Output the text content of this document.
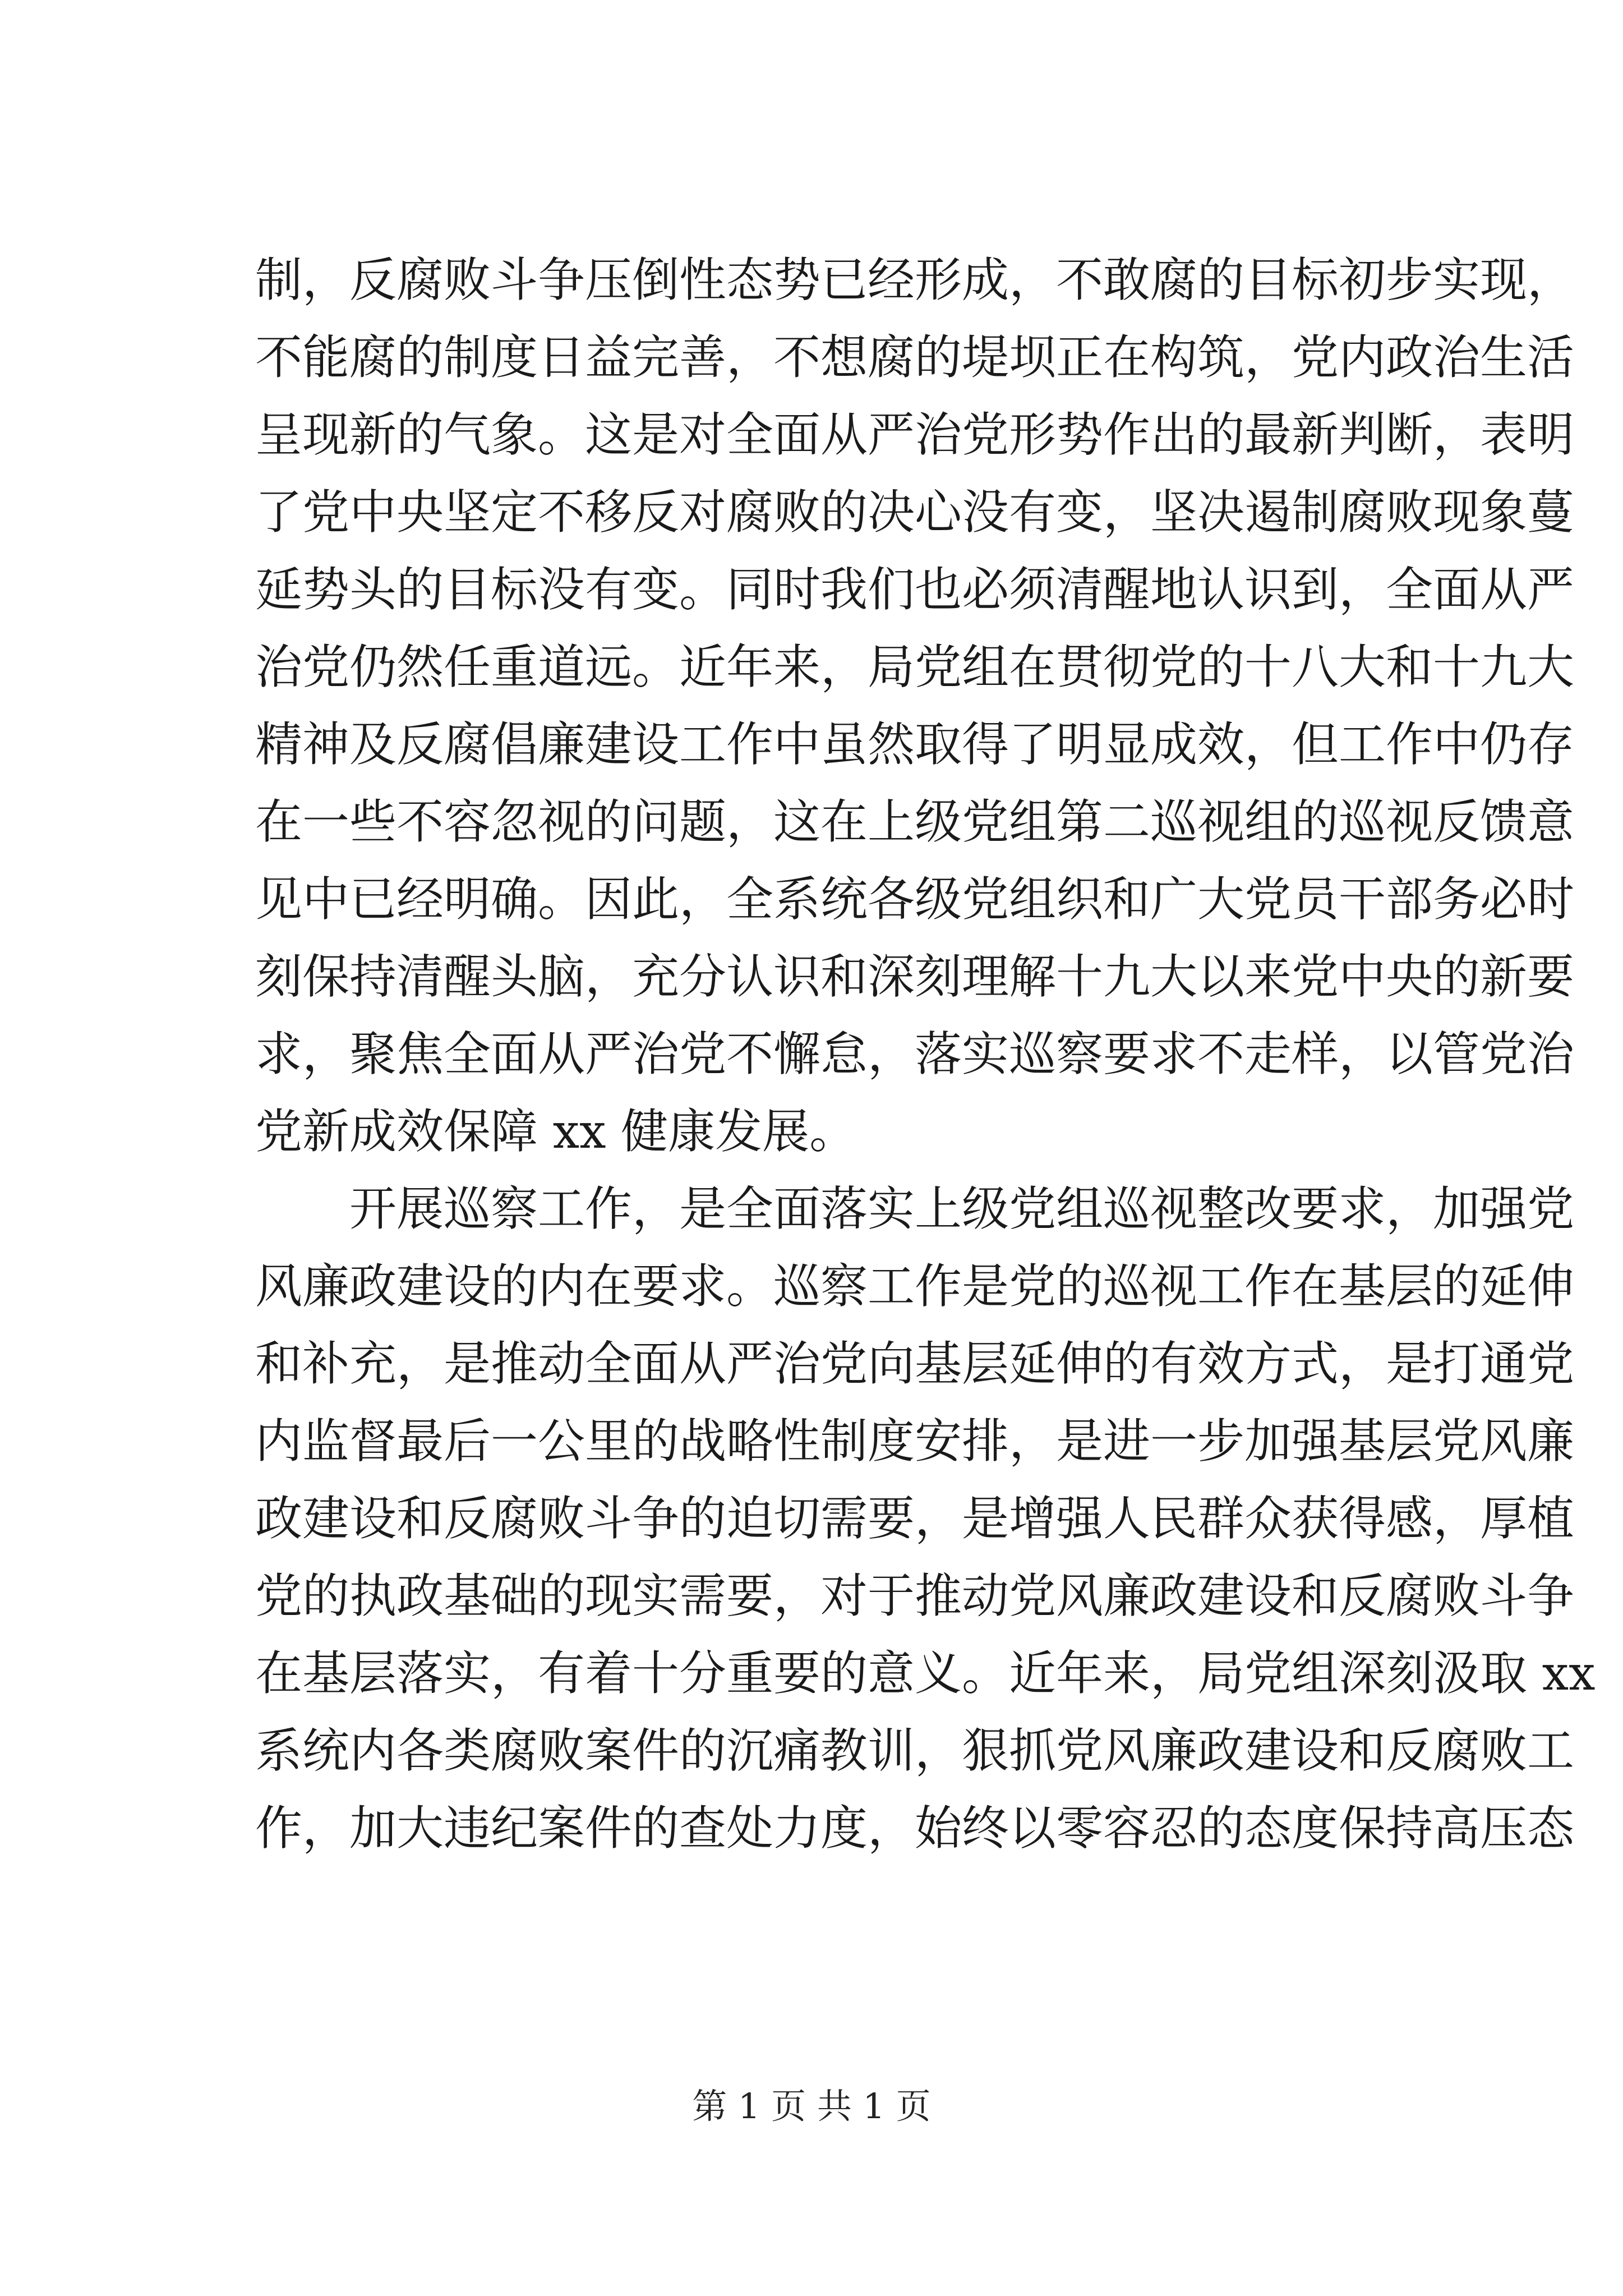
制，反腐败斗争压倒性态势已经形成，不敢腐的目标初步实现，
不能腐的制度日益完善，不想腐的堤坝正在构筑，党内政治生活
呈现新的气象。这是对全面从严治党形势作出的最新判断，表明
了党中央坚定不移反对腐败的决心没有变，坚决遏制腐败现象蔓
延势头的目标没有变。同时我们也必须清醒地认识到，全面从严
治党仍然任重道远。近年来，局党组在贯彻党的十八大和十九大
精神及反腐倡廉建设工作中虽然取得了明显成效，但工作中仍存
在一些不容忽视的问题，这在上级党组第二巡视组的巡视反馈意
见中已经明确。因此，全系统各级党组织和广大党员干部务必时
刻保持清醒头脑，充分认识和深刻理解十九大以来党中央的新要
求，聚焦全面从严治党不懈怠，落实巡察要求不走样，以管党治
党新成效保障 xx 健康发展。
开展巡察工作，是全面落实上级党组巡视整改要求，加强党
风廉政建设的内在要求。巡察工作是党的巡视工作在基层的延伸
和补充，是推动全面从严治党向基层延伸的有效方式，是打通党
内监督最后一公里的战略性制度安排，是进一步加强基层党风廉
政建设和反腐败斗争的迫切需要，是增强人民群众获得感，厚植
党的执政基础的现实需要，对于推动党风廉政建设和反腐败斗争
在基层落实，有着十分重要的意义。近年来，局党组深刻汲取 xx
系统内各类腐败案件的沉痛教训，狠抓党风廉政建设和反腐败工
作，加大违纪案件的查处力度，始终以零容忍的态度保持高压态
第 1 页 共 1 页
